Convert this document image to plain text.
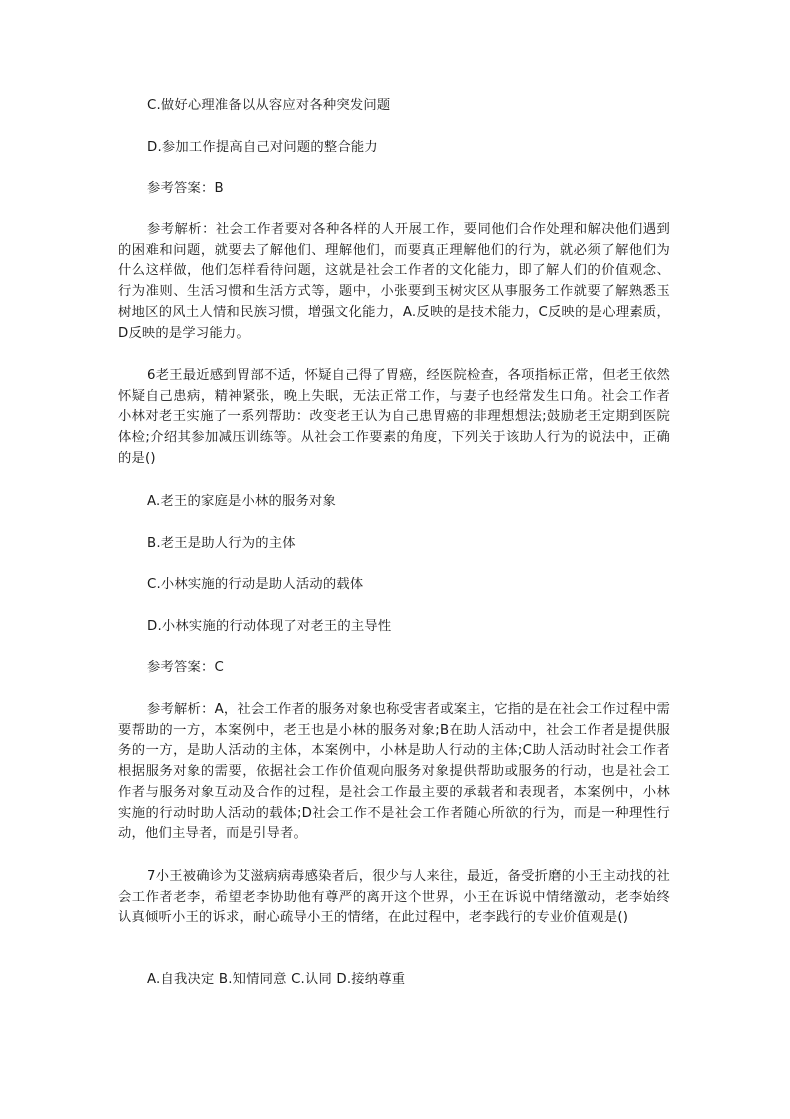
C.做好心理准备以从容应对各种突发问题

D.参加工作提高自己对问题的整合能力

参考答案：B

参考解析：社会工作者要对各种各样的人开展工作，要同他们合作处理和解决他们遇到的困难和问题，就要去了解他们、理解他们，而要真正理解他们的行为，就必须了解他们为什么这样做，他们怎样看待问题，这就是社会工作者的文化能力，即了解人们的价值观念、行为准则、生活习惯和生活方式等，题中，小张要到玉树灾区从事服务工作就要了解熟悉玉树地区的风土人情和民族习惯，增强文化能力，A.反映的是技术能力，C反映的是心理素质，D反映的是学习能力。

6老王最近感到胃部不适，怀疑自己得了胃癌，经医院检查，各项指标正常，但老王依然怀疑自己患病，精神紧张，晚上失眠，无法正常工作，与妻子也经常发生口角。社会工作者小林对老王实施了一系列帮助：改变老王认为自己患胃癌的非理想想法;鼓励老王定期到医院体检;介绍其参加减压训练等。从社会工作要素的角度，下列关于该助人行为的说法中，正确的是()

A.老王的家庭是小林的服务对象

B.老王是助人行为的主体

C.小林实施的行动是助人活动的载体

D.小林实施的行动体现了对老王的主导性

参考答案：C

参考解析：A，社会工作者的服务对象也称受害者或案主，它指的是在社会工作过程中需要帮助的一方，本案例中，老王也是小林的服务对象;B在助人活动中，社会工作者是提供服务的一方，是助人活动的主体，本案例中，小林是助人行动的主体;C助人活动时社会工作者根据服务对象的需要，依据社会工作价值观向服务对象提供帮助或服务的行动，也是社会工作者与服务对象互动及合作的过程，是社会工作最主要的承载者和表现者，本案例中，小林实施的行动时助人活动的载体;D社会工作不是社会工作者随心所欲的行为，而是一种理性行动，他们主导者，而是引导者。

7小王被确诊为艾滋病病毒感染者后，很少与人来往，最近，备受折磨的小王主动找的社会工作者老李，希望老李协助他有尊严的离开这个世界，小王在诉说中情绪激动，老李始终认真倾听小王的诉求，耐心疏导小王的情绪，在此过程中，老李践行的专业价值观是()

A.自我决定 B.知情同意 C.认同 D.接纳尊重
